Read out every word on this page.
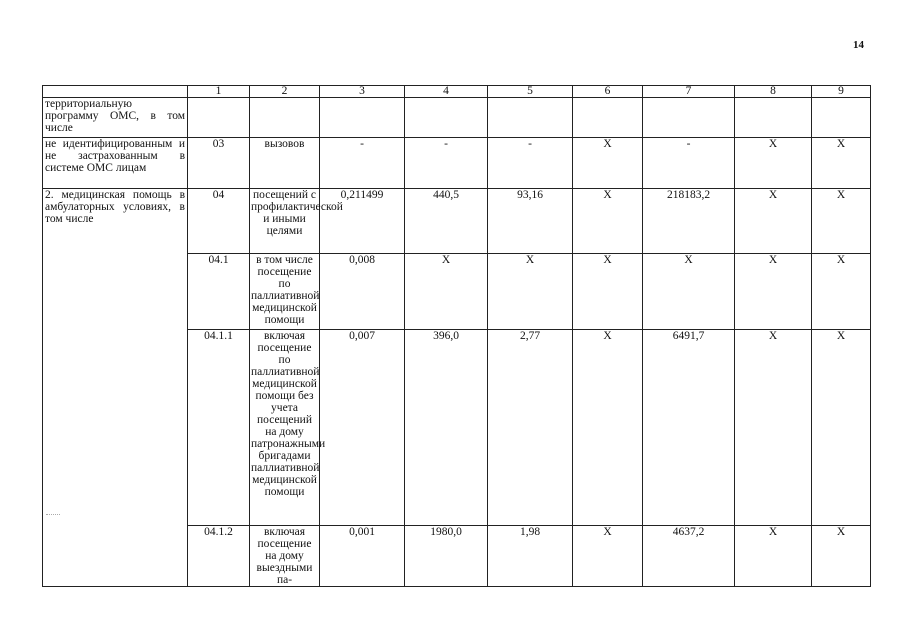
14
	1	2	3	4	5	6	7	8	9
территориальную программу ОМС, в том числе									
не идентифицированным и не застрахованным в системе ОМС лицам	03	вызовов	-	-	-	X	-	X	X
2. медицинская помощь в амбулаторных условиях, в том числе	04	посещений с профилактической и иными целями	0,211499	440,5	93,16	X	218183,2	X	X
	04.1	в том числе посещение по паллиативной медицинской помощи	0,008	X	X	X	X	X	X
	04.1.1	включая посещение по паллиативной медицинской помощи без учета посещений на дому патронажными бригадами паллиативной медицинской помощи	0,007	396,0	2,77	X	6491,7	X	X
	04.1.2	включая посещение на дому выездными па-	0,001	1980,0	1,98	X	4637,2	X	X
